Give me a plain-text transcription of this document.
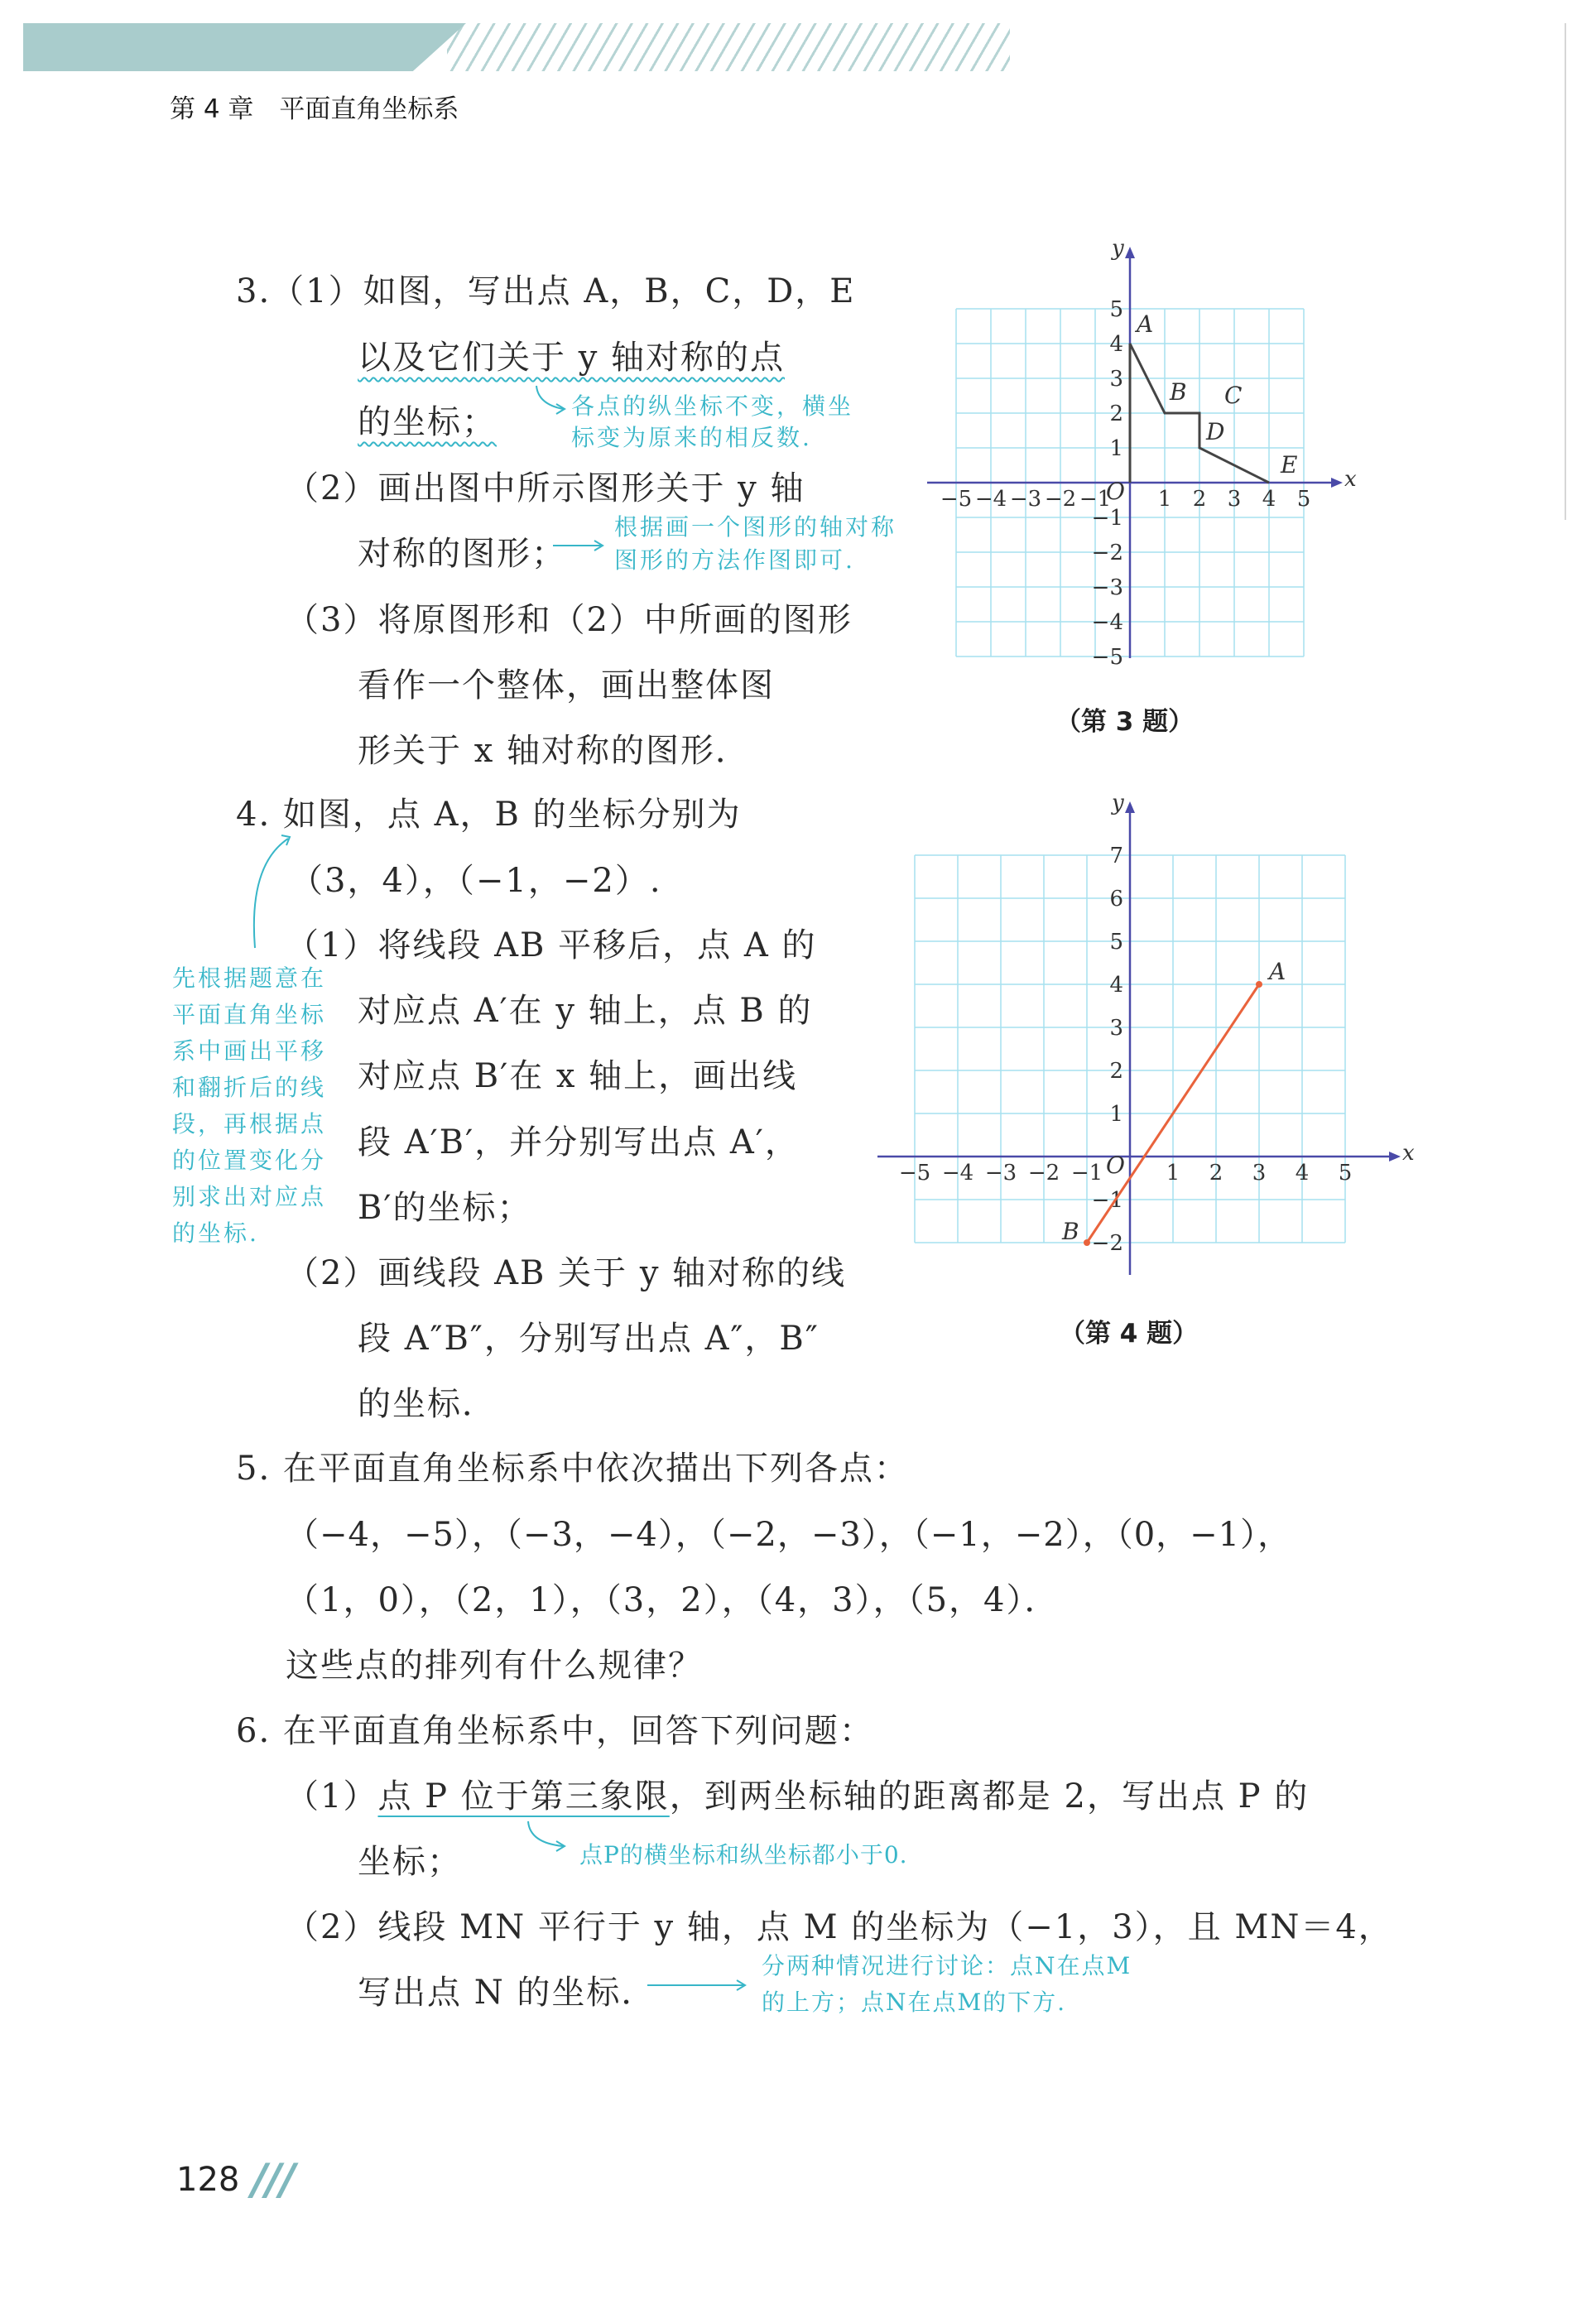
第 4 章　平面直角坐标系
3.（1）如图，写出点 A，B，C，D，E
以及它们关于 y 轴对称的点
的坐标；
（2）画出图中所示图形关于 y 轴
对称的图形；
（3）将原图形和（2）中所画的图形
看作一个整体，画出整体图
形关于 x 轴对称的图形．
各点的纵坐标不变，横坐
标变为原来的相反数.
根据画一个图形的轴对称
图形的方法作图即可.
x
y
O
−5 −4 −3 −2 −1 1 2 3 4 5
5
4
3
2
1
−1
−2
−3
−4
−5
A
B C
D
E
（第 3 题）
4. 如图，点 A，B 的坐标分别为
（3，4），（−1，−2）.
（1）将线段 AB 平移后，点 A 的
对应点 A′在 y 轴上，点 B 的
对应点 B′在 x 轴上，画出线
段 A′B′，并分别写出点 A′，
B′的坐标；
（2）画线段 AB 关于 y 轴对称的线
段 A″B″，分别写出点 A″，B″
的坐标．
先根据题意在
平面直角坐标
系中画出平移
和翻折后的线
段，再根据点
的位置变化分
别求出对应点
的坐标.
x
y
O
−5 −4 −3 −2 −1	1 2 3 4 5
7
6
5
4
3
2
1
−1
−2
A
B
（第 4 题）
5. 在平面直角坐标系中依次描出下列各点：
（−4，−5），（−3，−4），（−2，−3），（−1，−2），（0，−1），
（1，0），（2，1），（3，2），（4，3），（5，4）．
这些点的排列有什么规律？
6. 在平面直角坐标系中，回答下列问题：
（1）点 P 位于第三象限，到两坐标轴的距离都是 2，写出点 P 的
坐标；	点P的横坐标和纵坐标都小于0.
（2）线段 MN 平行于 y 轴，点 M 的坐标为（−1，3），且 MN＝4，
写出点 N 的坐标．
分两种情况进行讨论：点N在点M
的上方；点N在点M的下方.
128 ///
